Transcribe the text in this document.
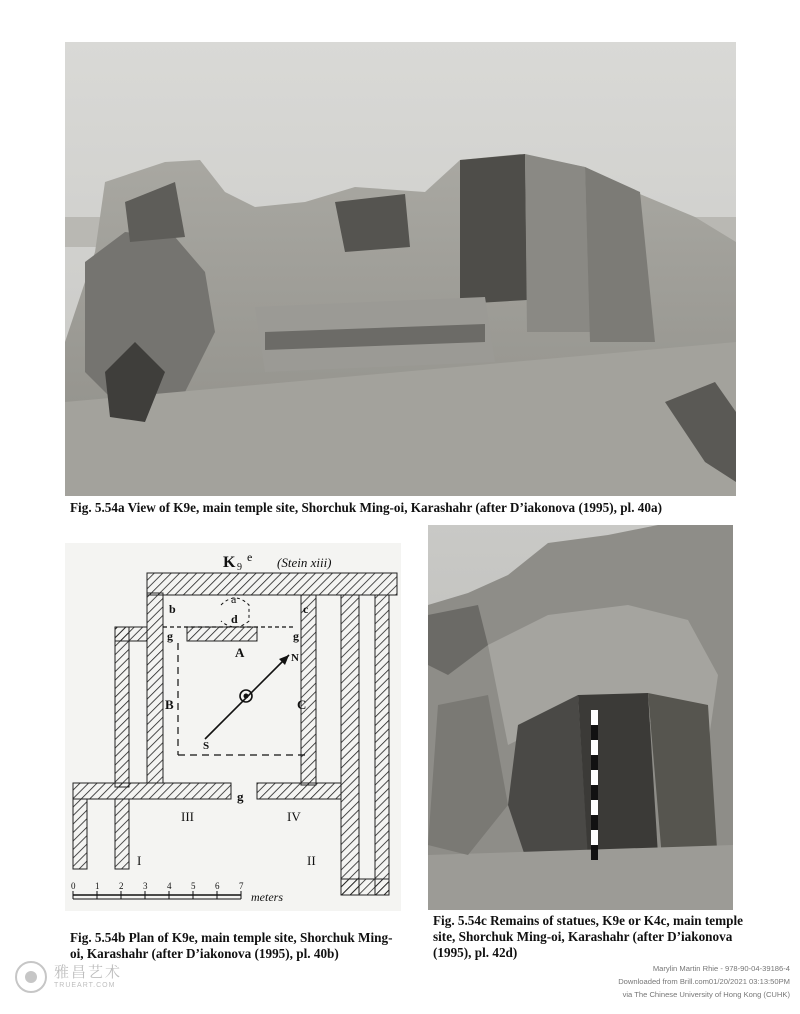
Fig. 5.54a View of K9e, main temple site, Shorchuk Ming-oi, Karashahr (after D’iakonova (1995), pl. 40a)
K 9
e (Stein xiii)
a
b	c
d
g	g
A
B	C
N
S
g
I	II
III	IV
0 1 2 3 4 5 6 7
meters
Fig. 5.54b Plan of K9e, main temple site, Shorchuk Ming-oi, Karashahr (after D’iakonova (1995), pl. 40b)
Fig. 5.54c Remains of statues, K9e or K4c, main temple site, Shorchuk Ming-oi, Karashahr (after D’iakonova (1995), pl. 42d)
雅昌艺术
TRUEART.COM
Marylin Martin Rhie - 978-90-04-39186-4
Downloaded from Brill.com01/20/2021 03:13:50PM
via The Chinese University of Hong Kong (CUHK)
